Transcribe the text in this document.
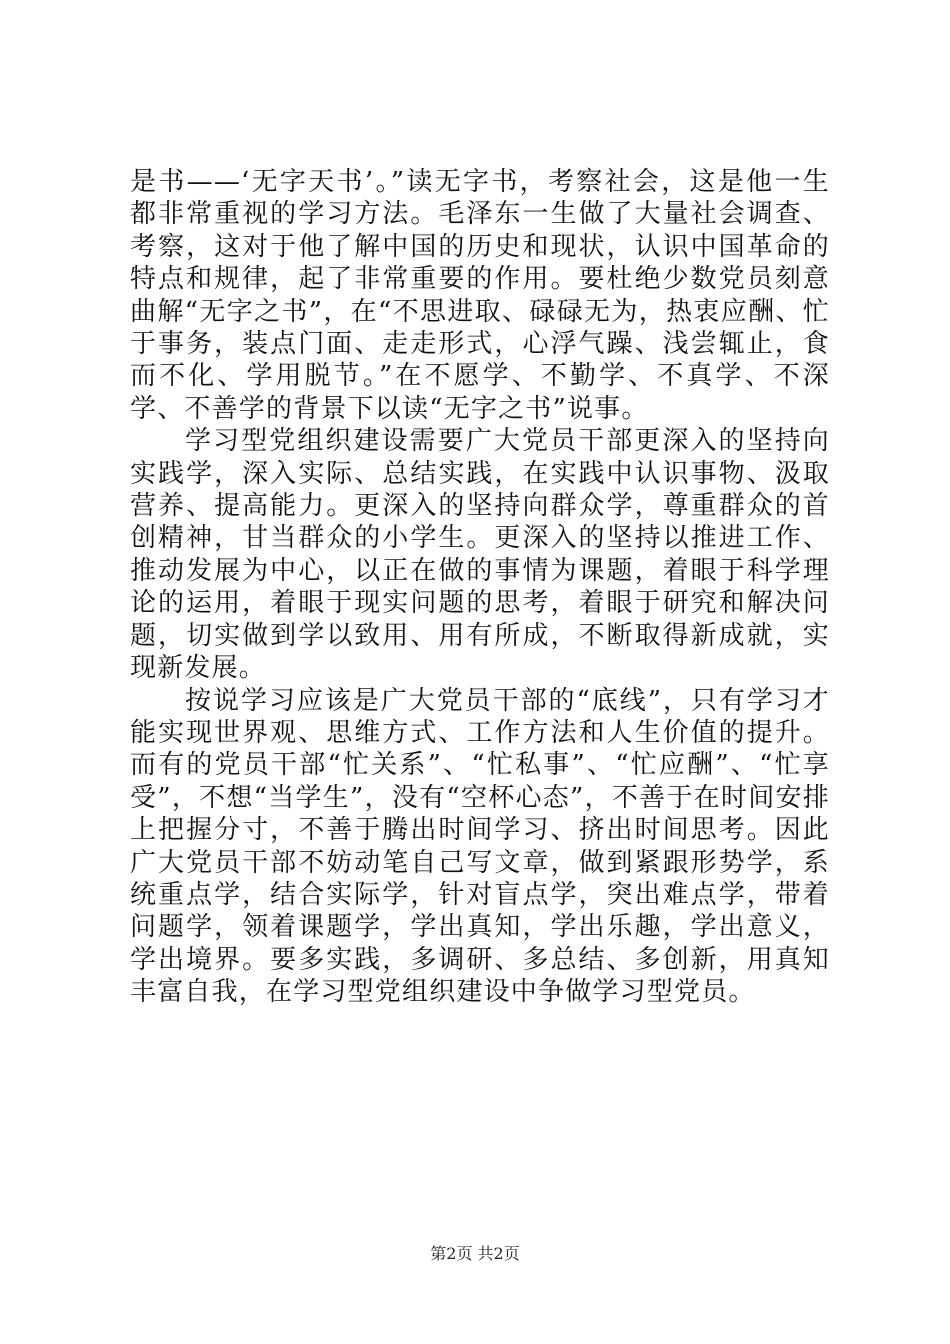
是书——‘无字天书’。”读无字书，考察社会，这是他一生都非常重视的学习方法。毛泽东一生做了大量社会调查、考察，这对于他了解中国的历史和现状，认识中国革命的特点和规律，起了非常重要的作用。要杜绝少数党员刻意曲解“无字之书”，在“不思进取、碌碌无为，热衷应酬、忙于事务，装点门面、走走形式，心浮气躁、浅尝辄止，食而不化、学用脱节。”在不愿学、不勤学、不真学、不深学、不善学的背景下以读“无字之书”说事。

学习型党组织建设需要广大党员干部更深入的坚持向实践学，深入实际、总结实践，在实践中认识事物、汲取营养、提高能力。更深入的坚持向群众学，尊重群众的首创精神，甘当群众的小学生。更深入的坚持以推进工作、推动发展为中心，以正在做的事情为课题，着眼于科学理论的运用，着眼于现实问题的思考，着眼于研究和解决问题，切实做到学以致用、用有所成，不断取得新成就，实现新发展。

按说学习应该是广大党员干部的“底线”，只有学习才能实现世界观、思维方式、工作方法和人生价值的提升。而有的党员干部“忙关系”、“忙私事”、“忙应酬”、“忙享受”，不想“当学生”，没有“空杯心态”，不善于在时间安排上把握分寸，不善于腾出时间学习、挤出时间思考。因此广大党员干部不妨动笔自己写文章，做到紧跟形势学，系统重点学，结合实际学，针对盲点学，突出难点学，带着问题学，领着课题学，学出真知，学出乐趣，学出意义，学出境界。要多实践，多调研、多总结、多创新，用真知丰富自我，在学习型党组织建设中争做学习型党员。

第2页 共2页
